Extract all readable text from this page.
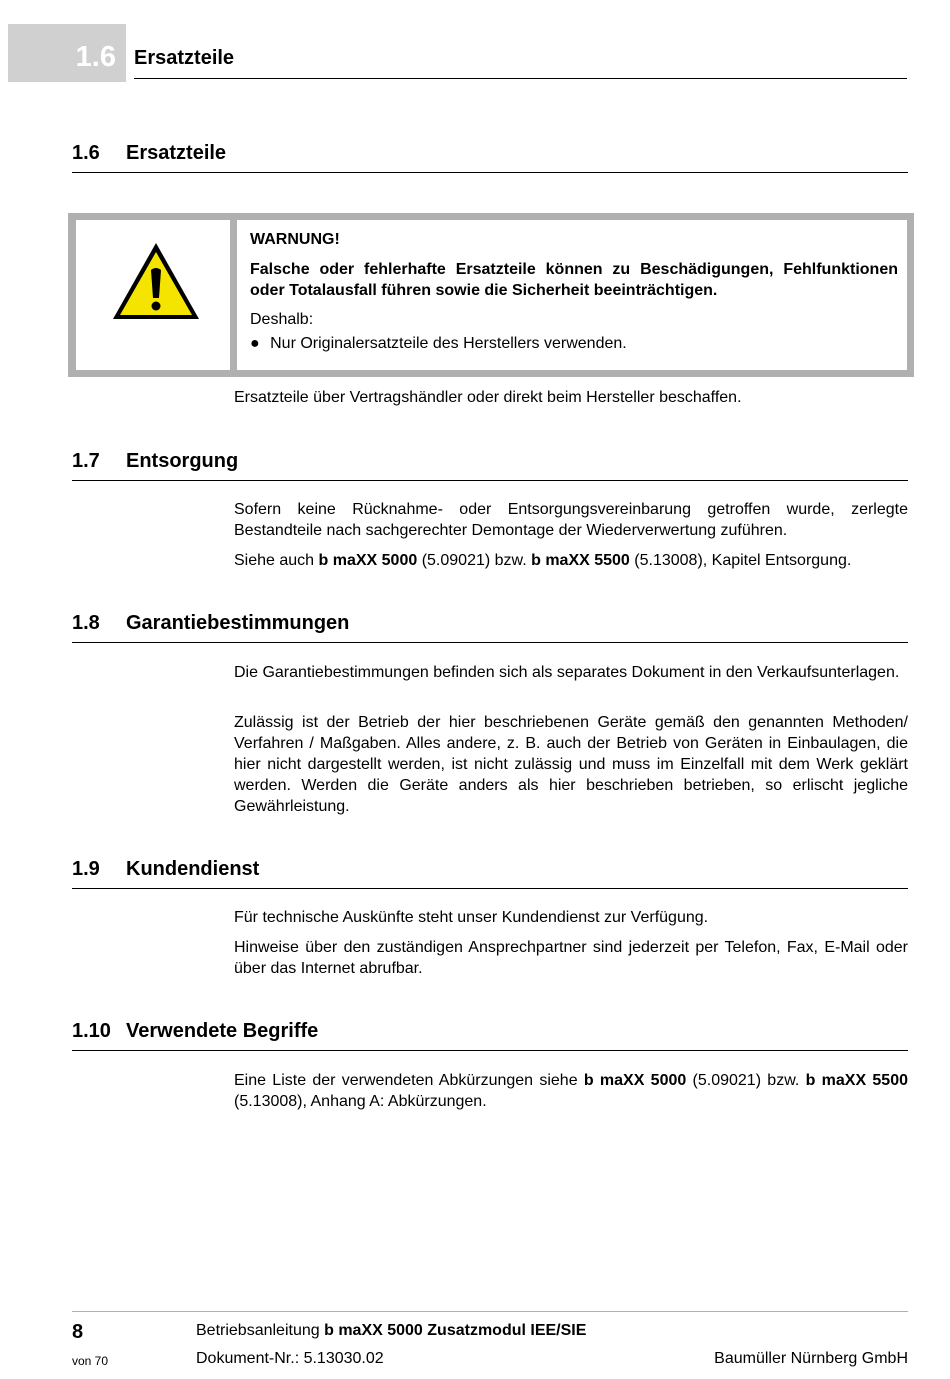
1.6 Ersatzteile
1.6 Ersatzteile
WARNUNG!
Falsche oder fehlerhafte Ersatzteile können zu Beschädigungen, Fehlfunktionen oder Totalausfall führen sowie die Sicherheit beeinträchtigen.
Deshalb:
● Nur Originalersatzteile des Herstellers verwenden.
Ersatzteile über Vertragshändler oder direkt beim Hersteller beschaffen.
1.7 Entsorgung
Sofern keine Rücknahme- oder Entsorgungsvereinbarung getroffen wurde, zerlegte Bestandteile nach sachgerechter Demontage der Wiederverwertung zuführen.
Siehe auch b maXX 5000 (5.09021) bzw. b maXX 5500 (5.13008), Kapitel Entsorgung.
1.8 Garantiebestimmungen
Die Garantiebestimmungen befinden sich als separates Dokument in den Verkaufsunterlagen.
Zulässig ist der Betrieb der hier beschriebenen Geräte gemäß den genannten Methoden/ Verfahren / Maßgaben. Alles andere, z. B. auch der Betrieb von Geräten in Einbaulagen, die hier nicht dargestellt werden, ist nicht zulässig und muss im Einzelfall mit dem Werk geklärt werden. Werden die Geräte anders als hier beschrieben betrieben, so erlischt jegliche Gewährleistung.
1.9 Kundendienst
Für technische Auskünfte steht unser Kundendienst zur Verfügung.
Hinweise über den zuständigen Ansprechpartner sind jederzeit per Telefon, Fax, E-Mail oder über das Internet abrufbar.
1.10 Verwendete Begriffe
Eine Liste der verwendeten Abkürzungen siehe b maXX 5000 (5.09021) bzw. b maXX 5500 (5.13008), Anhang A: Abkürzungen.
8
von 70
Betriebsanleitung b maXX 5000 Zusatzmodul IEE/SIE
Dokument-Nr.: 5.13030.02	Baumüller Nürnberg GmbH
